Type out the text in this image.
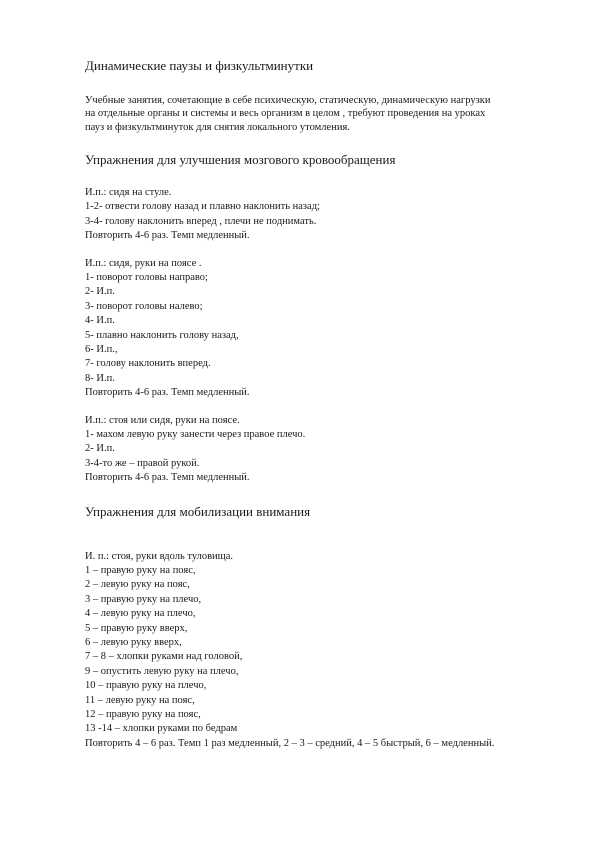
Динамические паузы и физкультминутки

Учебные занятия, сочетающие в себе психическую, статическую, динамическую нагрузки

на отдельные органы и системы и весь организм в целом , требуют проведения на уроках

пауз и физкультминуток для снятия локального утомления.

Упражнения для улучшения мозгового кровообращения

И.п.: сидя на стуле.

1-2- отвести голову назад и плавно наклонить назад;

3-4- голову наклонить вперед , плечи не поднимать.

Повторить 4-6 раз. Темп медленный.

И.п.: сидя, руки на поясе .

1- поворот головы направо;

2- И.п.

3- поворот головы налево;

4- И.п.

5- плавно наклонить голову назад,

6- И.п.,

7- голову наклонить вперед.

8- И.п.

Повторить 4-6 раз. Темп медленный.

И.п.: стоя или сидя, руки на поясе.

1- махом левую руку занести через правое плечо.

2- И.п.

3-4-то же – правой рукой.

Повторить 4-6 раз. Темп медленный.

Упражнения для мобилизации внимания

И. п.: стоя, руки вдоль туловища.

1 – правую руку на пояс,

2 – левую руку на пояс,

3 – правую руку на плечо,

4 – левую руку на плечо,

5 – правую руку вверх,

6 – левую руку вверх,

7 – 8 – хлопки руками над головой,

9 – опустить левую руку на плечо,

10 – правую руку на плечо,

11 – левую руку на пояс,

12 – правую руку на пояс,

13 -14 – хлопки руками по бедрам

Повторить 4 – 6 раз. Темп 1 раз медленный, 2 – 3 – средний, 4 – 5 быстрый, 6 – медленный.
